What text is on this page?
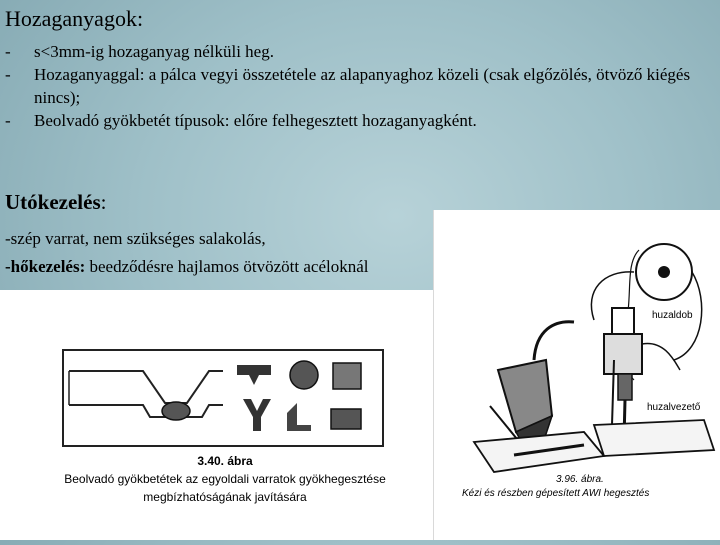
Hozaganyagok:
-	s<3mm-ig hozaganyag nélküli heg.
-	Hozaganyaggal: a pálca vegyi összetétele az alapanyaghoz közeli (csak elgőzölés, ötvöző kiégés nincs);
-	Beolvadó gyökbetét típusok: előre felhegesztett hozaganyagként.
Utókezelés:
-szép varrat, nem szükséges salakolás,
-hőkezelés: beedződésre hajlamos ötvözött acéloknál
3.40. ábra
Beolvadó gyökbetétek az egyoldali varratok gyökhegesztése
megbízhatóságának javítására
huzaldob
huzalvezető
3.96. ábra.
Kézi és részben gépesített AWI hegesztés
